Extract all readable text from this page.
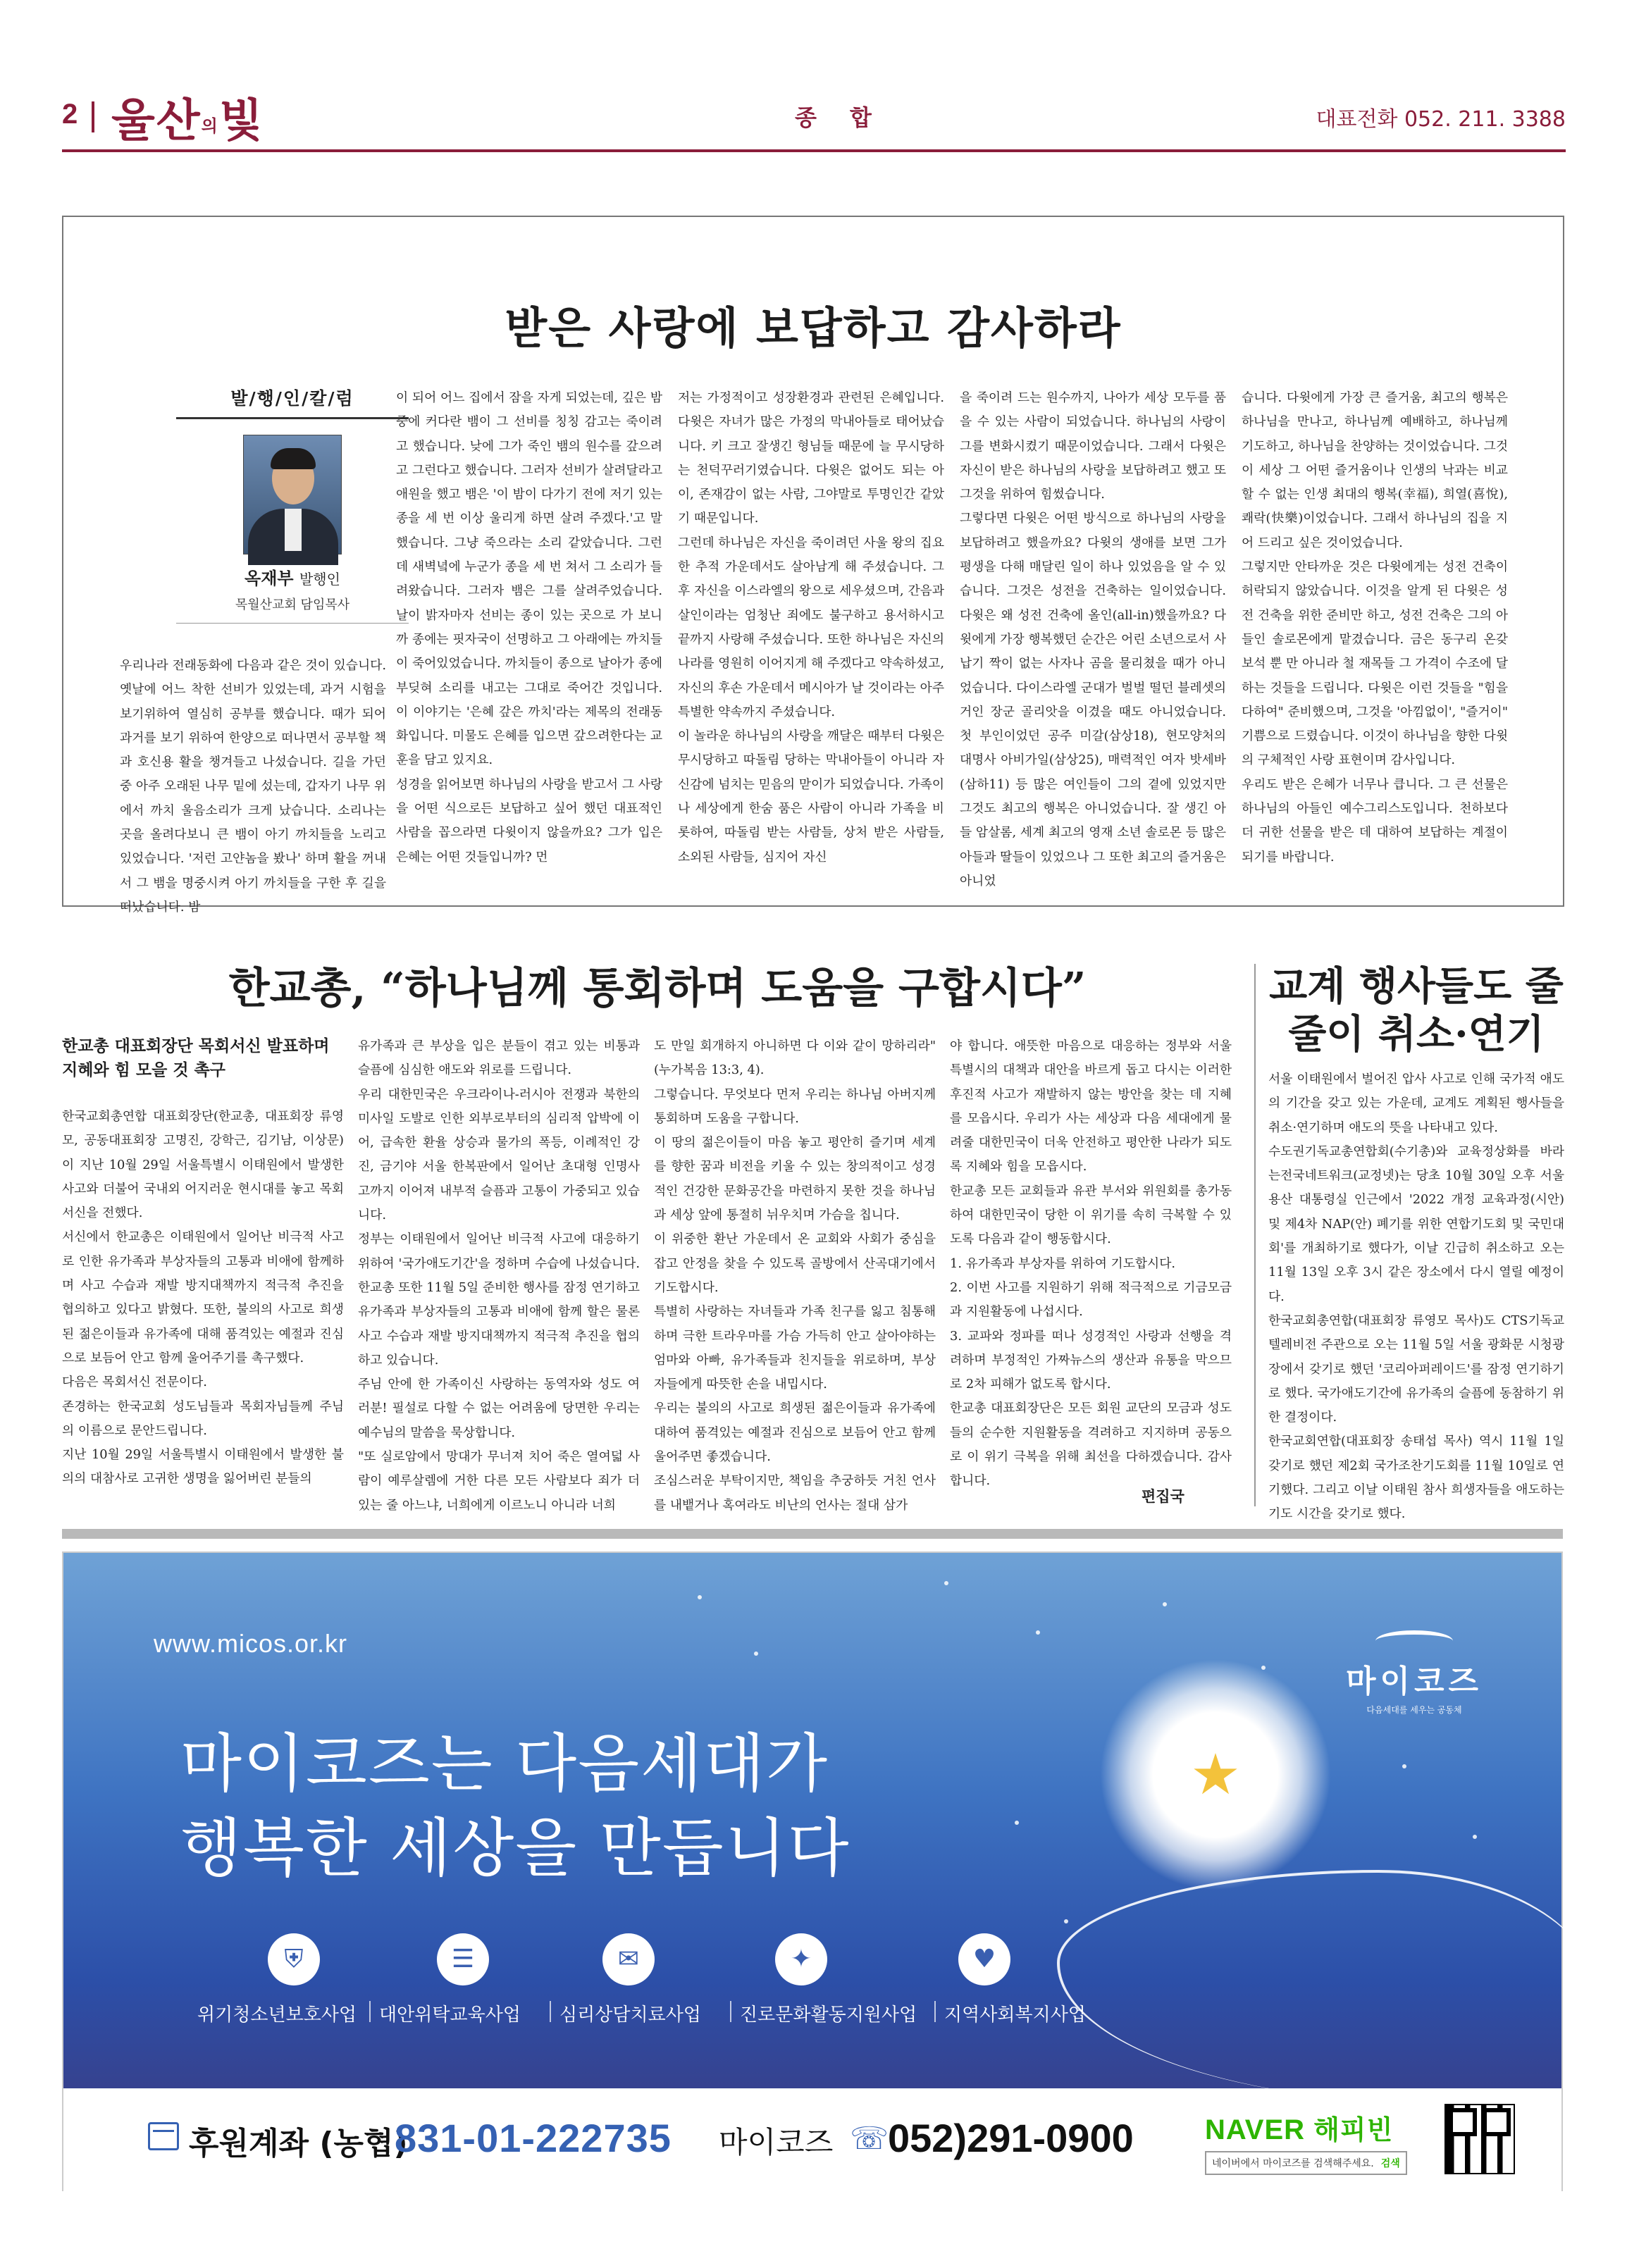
2 울산의빛	종 합	대표전화 052. 211. 3388
받은 사랑에 보답하고 감사하라
발/행/인/칼/럼
옥재부 발행인
목월산교회 담임목사
우리나라 전래동화에 다음과 같은 것이 있습니다. 옛날에 어느 착한 선비가 있었는데, 과거 시험을 보기위하여 열심히 공부를 했습니다. 때가 되어 과거를 보기 위하여 한양으로 떠나면서 공부할 책과 호신용 활을 챙겨들고 나섰습니다. 길을 가던 중 아주 오래된 나무 밑에 섰는데, 갑자기 나무 위에서 까치 울음소리가 크게 났습니다. 소리나는 곳을 올려다보니 큰 뱀이 아기 까치들을 노리고 있었습니다. '저런 고얀놈을 봤나' 하며 활을 꺼내서 그 뱀을 명중시켜 아기 까치들을 구한 후 길을 떠났습니다. 밤
이 되어 어느 집에서 잠을 자게 되었는데, 깊은 밤중에 커다란 뱀이 그 선비를 칭칭 감고는 죽이려고 했습니다. 낮에 그가 죽인 뱀의 원수를 갚으려고 그런다고 했습니다. 그러자 선비가 살려달라고 애원을 했고 뱀은 '이 밤이 다가기 전에 저기 있는 종을 세 번 이상 울리게 하면 살려 주겠다.'고 말했습니다. 그냥 죽으라는 소리 같았습니다. 그런데 새벽녘에 누군가 종을 세 번 쳐서 그 소리가 들려왔습니다. 그러자 뱀은 그를 살려주었습니다. 날이 밝자마자 선비는 종이 있는 곳으로 가 보니까 종에는 핏자국이 선명하고 그 아래에는 까치들이 죽어있었습니다. 까치들이 종으로 날아가 종에 부딪혀 소리를 내고는 그대로 죽어간 것입니다. 이 이야기는 '은혜 갚은 까치'라는 제목의 전래동화입니다. 미물도 은혜를 입으면 갚으려한다는 교훈을 담고 있지요.
성경을 읽어보면 하나님의 사랑을 받고서 그 사랑을 어떤 식으로든 보답하고 싶어 했던 대표적인 사람을 꼽으라면 다윗이지 않을까요? 그가 입은 은혜는 어떤 것들입니까? 먼
저는 가정적이고 성장환경과 관련된 은혜입니다. 다윗은 자녀가 많은 가정의 막내아들로 태어났습니다. 키 크고 잘생긴 형님들 때문에 늘 무시당하는 천덕꾸러기였습니다. 다윗은 없어도 되는 아이, 존재감이 없는 사람, 그야말로 투명인간 같았기 때문입니다.
그런데 하나님은 자신을 죽이려던 사울 왕의 집요한 추적 가운데서도 살아남게 해 주셨습니다. 그 후 자신을 이스라엘의 왕으로 세우셨으며, 간음과 살인이라는 엄청난 죄에도 불구하고 용서하시고 끝까지 사랑해 주셨습니다. 또한 하나님은 자신의 나라를 영원히 이어지게 해 주겠다고 약속하셨고, 자신의 후손 가운데서 메시아가 날 것이라는 아주 특별한 약속까지 주셨습니다.
이 놀라운 하나님의 사랑을 깨달은 때부터 다윗은 무시당하고 따돌림 당하는 막내아들이 아니라 자신감에 넘치는 믿음의 맏이가 되었습니다. 가족이나 세상에게 한숨 품은 사람이 아니라 가족을 비롯하여, 따돌림 받는 사람들, 상처 받은 사람들, 소외된 사람들, 심지어 자신
을 죽이려 드는 원수까지, 나아가 세상 모두를 품을 수 있는 사람이 되었습니다. 하나님의 사랑이 그를 변화시켰기 때문이었습니다. 그래서 다윗은 자신이 받은 하나님의 사랑을 보답하려고 했고 또 그것을 위하여 힘썼습니다.
그렇다면 다윗은 어떤 방식으로 하나님의 사랑을 보답하려고 했을까요? 다윗의 생애를 보면 그가 평생을 다해 매달린 일이 하나 있었음을 알 수 있습니다. 그것은 성전을 건축하는 일이었습니다. 다윗은 왜 성전 건축에 올인(all-in)했을까요? 다윗에게 가장 행복했던 순간은 어린 소년으로서 사납기 짝이 없는 사자나 곰을 물리쳤을 때가 아니었습니다. 다이스라엘 군대가 벌벌 떨던 블레셋의 거인 장군 골리앗을 이겼을 때도 아니었습니다. 첫 부인이었던 공주 미갈(삼상18), 현모양처의 대명사 아비가일(삼상25), 매력적인 여자 밧세바(삼하11) 등 많은 여인들이 그의 곁에 있었지만 그것도 최고의 행복은 아니었습니다. 잘 생긴 아들 암살롬, 세계 최고의 영재 소년 솔로몬 등 많은 아들과 딸들이 있었으나 그 또한 최고의 즐거움은 아니었
습니다. 다윗에게 가장 큰 즐거움, 최고의 행복은 하나님을 만나고, 하나님께 예배하고, 하나님께 기도하고, 하나님을 찬양하는 것이었습니다. 그것이 세상 그 어떤 즐거움이나 인생의 낙과는 비교할 수 없는 인생 최대의 행복(幸福), 희열(喜悅), 쾌락(快樂)이었습니다. 그래서 하나님의 집을 지어 드리고 싶은 것이었습니다.
그렇지만 안타까운 것은 다윗에게는 성전 건축이 허락되지 않았습니다. 이것을 알게 된 다윗은 성전 건축을 위한 준비만 하고, 성전 건축은 그의 아들인 솔로몬에게 맡겼습니다. 금은 동구리 온갖 보석 뿐 만 아니라 철 재목들 그 가격이 수조에 달하는 것들을 드립니다. 다윗은 이런 것들을 "힘을 다하여" 준비했으며, 그것을 '아낌없이', "즐거이" 기쁨으로 드렸습니다. 이것이 하나님을 향한 다윗의 구체적인 사랑 표현이며 감사입니다.
우리도 받은 은혜가 너무나 큽니다. 그 큰 선물은 하나님의 아들인 예수그리스도입니다. 천하보다 더 귀한 선물을 받은 데 대하여 보답하는 계절이 되기를 바랍니다.
한교총, “하나님께 통회하며 도움을 구합시다”
한교총 대표회장단 목회서신 발표하며 지혜와 힘 모을 것 촉구
한국교회총연합 대표회장단(한교총, 대표회장 류영모, 공동대표회장 고명진, 강학근, 김기남, 이상문)이 지난 10월 29일 서울특별시 이태원에서 발생한 사고와 더불어 국내외 어지러운 현시대를 놓고 목회서신을 전했다.
서신에서 한교총은 이태원에서 일어난 비극적 사고로 인한 유가족과 부상자들의 고통과 비애에 함께하며 사고 수습과 재발 방지대책까지 적극적 추진을 협의하고 있다고 밝혔다. 또한, 불의의 사고로 희생된 젊은이들과 유가족에 대해 품격있는 예절과 진심으로 보듬어 안고 함께 울어주기를 촉구했다.
다음은 목회서신 전문이다.
존경하는 한국교회 성도님들과 목회자님들께 주님의 이름으로 문안드립니다.
지난 10월 29일 서울특별시 이태원에서 발생한 불의의 대참사로 고귀한 생명을 잃어버린 분들의
유가족과 큰 부상을 입은 분들이 겪고 있는 비통과 슬픔에 심심한 애도와 위로를 드립니다.
우리 대한민국은 우크라이나-러시아 전쟁과 북한의 미사일 도발로 인한 외부로부터의 심리적 압박에 이어, 급속한 환율 상승과 물가의 폭등, 이례적인 강진, 금기야 서울 한복판에서 일어난 초대형 인명사고까지 이어져 내부적 슬픔과 고통이 가중되고 있습니다.
정부는 이태원에서 일어난 비극적 사고에 대응하기 위하여 '국가애도기간'을 정하며 수습에 나섰습니다. 한교총 또한 11월 5일 준비한 행사를 잠정 연기하고 유가족과 부상자들의 고통과 비애에 함께 할은 물론 사고 수습과 재발 방지대책까지 적극적 추진을 협의하고 있습니다.
주님 안에 한 가족이신 사랑하는 동역자와 성도 여러분! 필설로 다할 수 없는 어려움에 당면한 우리는 예수님의 말씀을 묵상합니다.
"또 실로암에서 망대가 무너져 치어 죽은 열여덟 사람이 예루살렘에 거한 다른 모든 사람보다 죄가 더 있는 줄 아느냐, 너희에게 이르노니 아니라 너희
도 만일 회개하지 아니하면 다 이와 같이 망하리라" (누가복음 13:3, 4).
그렇습니다. 무엇보다 먼저 우리는 하나님 아버지께 통회하며 도움을 구합니다.
이 땅의 젊은이들이 마음 놓고 평안히 즐기며 세계를 향한 꿈과 비전을 키울 수 있는 창의적이고 성경적인 건강한 문화공간을 마련하지 못한 것을 하나님과 세상 앞에 통절히 뉘우치며 가슴을 칩니다.
이 위중한 환난 가운데서 온 교회와 사회가 중심을 잡고 안정을 찾을 수 있도록 골방에서 산곡대기에서 기도합시다.
특별히 사랑하는 자녀들과 가족 친구를 잃고 침통해하며 극한 트라우마를 가슴 가득히 안고 살아야하는 엄마와 아빠, 유가족들과 친지들을 위로하며, 부상자들에게 따뜻한 손을 내밉시다.
우리는 불의의 사고로 희생된 젊은이들과 유가족에 대하여 품격있는 예절과 진심으로 보듬어 안고 함께 울어주면 좋겠습니다.
조심스러운 부탁이지만, 책임을 추궁하듯 거친 언사를 내뱉거나 혹여라도 비난의 언사는 절대 삼가
야 합니다. 애뜻한 마음으로 대응하는 정부와 서울특별시의 대책과 대안을 바르게 돕고 다시는 이러한 후진적 사고가 재발하지 않는 방안을 찾는 데 지혜를 모읍시다. 우리가 사는 세상과 다음 세대에게 물려줄 대한민국이 더욱 안전하고 평안한 나라가 되도록 지혜와 힘을 모읍시다.
한교총 모든 교회들과 유관 부서와 위원회를 총가동하여 대한민국이 당한 이 위기를 속히 극복할 수 있도록 다음과 같이 행동합시다.
1. 유가족과 부상자를 위하여 기도합시다.
2. 이번 사고를 지원하기 위해 적극적으로 기금모금과 지원활동에 나섭시다.
3. 교파와 정파를 떠나 성경적인 사랑과 선행을 격려하며 부정적인 가짜뉴스의 생산과 유통을 막으므로 2차 피해가 없도록 합시다.
한교총 대표회장단은 모든 회원 교단의 모금과 성도들의 순수한 지원활동을 격려하고 지지하며 공동으로 이 위기 극복을 위해 최선을 다하겠습니다. 감사합니다.
편집국
교계 행사들도 줄줄이 취소·연기
서울 이태원에서 벌어진 압사 사고로 인해 국가적 애도의 기간을 갖고 있는 가운데, 교계도 계획된 행사들을 취소·연기하며 애도의 뜻을 나타내고 있다.
수도권기독교총연합회(수기총)와 교육정상화를 바라는전국네트워크(교정넷)는 당초 10월 30일 오후 서울 용산 대통령실 인근에서 '2022 개정 교육과정(시안) 및 제4차 NAP(안) 폐기를 위한 연합기도회 및 국민대회'를 개최하기로 했다가, 이날 긴급히 취소하고 오는 11월 13일 오후 3시 같은 장소에서 다시 열릴 예정이다.
한국교회총연합(대표회장 류영모 목사)도 CTS기독교텔레비전 주관으로 오는 11월 5일 서울 광화문 시청광장에서 갖기로 했던 '코리아퍼레이드'를 잠정 연기하기로 했다. 국가애도기간에 유가족의 슬픔에 동참하기 위한 결정이다.
한국교회연합(대표회장 송태섭 목사) 역시 11월 1일 갖기로 했던 제2회 국가조찬기도회를 11월 10일로 연기했다. 그리고 이날 이태원 참사 희생자들을 애도하는 기도 시간을 갖기로 했다.
www.micos.or.kr
마이코즈는 다음세대가
행복한 세상을 만듭니다
★
마이코즈
다음세대를 세우는 공동체
⛨	☰	✉	✦	♥
위기청소년보호사업 대안위탁교육사업 심리상담치료사업 진로문화활동지원사업 지역사회복지사업
후원계좌 (농협)
831-01-222735 마이코즈 ☏
052)291-0900	NAVER 해피빈
네이버에서 마이코즈를 검색해주세요. 검색
